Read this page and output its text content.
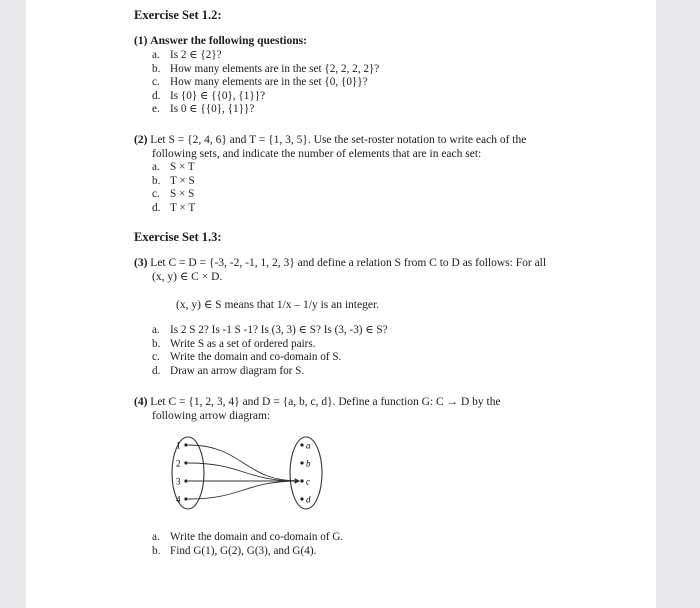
Exercise Set 1.2:
(1) Answer the following questions:
a. Is 2 ∈ {2}?
b. How many elements are in the set {2, 2, 2, 2}?
c. How many elements are in the set {0, {0}}?
d. Is {0} ∈ {{0}, {1}}?
e. Is 0 ∈ {{0}, {1}}?
(2) Let S = {2, 4, 6} and T = {1, 3, 5}. Use the set-roster notation to write each of the
following sets, and indicate the number of elements that are in each set:
a. S × T
b. T × S
c. S × S
d. T × T
Exercise Set 1.3:
(3) Let C = D = {-3, -2, -1, 1, 2, 3} and define a relation S from C to D as follows: For all
(x, y) ∈ C × D.
(x, y) ∈ S means that 1/x – 1/y is an integer.
a. Is 2 S 2? Is -1 S -1? Is (3, 3) ∈ S? Is (3, -3) ∈ S?
b. Write S as a set of ordered pairs.
c. Write the domain and co-domain of S.
d. Draw an arrow diagram for S.
(4) Let C = {1, 2, 3, 4} and D = {a, b, c, d}. Define a function G: C → D by the
following arrow diagram:
1
2
3
4
a
b
c
d
a. Write the domain and co-domain of G.
b. Find G(1), G(2), G(3), and G(4).
